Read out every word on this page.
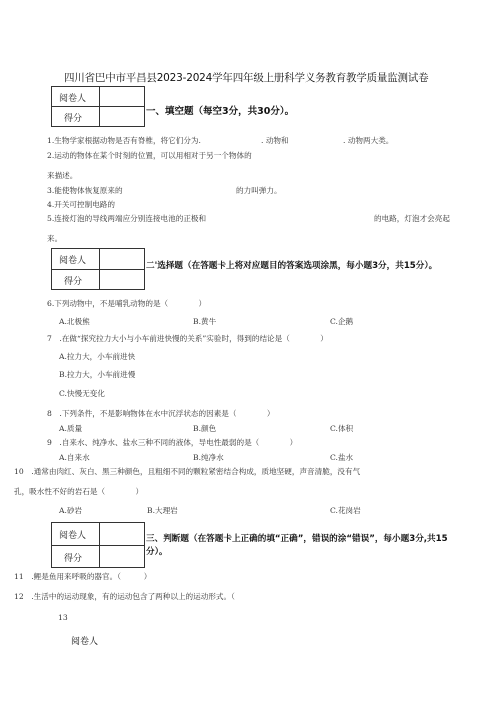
四川省巴中市平昌县2023-2024学年四年级上册科学义务教育教学质量监测试卷
阅卷人
得分
一、填空题（每空3分，共30分）。
1.生物学家根据动物是否有脊椎，将它们分为.	. 动物和	. 动物两大类。
2.运动的物体在某个时刻的位置，可以用相对于另一个物体的
来描述。
3.能使物体恢复原来的	的力叫弹力。
4.开关可控制电路的
5.连接灯泡的导线两端应分别连接电池的正极和	的电路，灯泡才会亮起
来。
阅卷人
得分
二'选择题（在答题卡上将对应题目的答案选项涂黑，每小题3分，共15分）。
6.下列动物中，不是哺乳动物的是（　　　　）
A.北极熊	B.黄牛	C.企鹅
7　.在做“探究拉力大小与小车前进快慢的关系”实验时，得到的结论是（　　　　）
A.拉力大，小车前进快
B.拉力大，小车前进慢
C.快慢无变化
8　.下列条件，不是影响物体在水中沉浮状态的因素是（　　　　）
A.质量	B.颜色	C.体积
9　.自来水、纯净水、盐水三种不同的液体，导电性最弱的是（　　　　）
A.自来水	B.纯净水	C.盐水
10　.通常由肉红、灰白、黑三种颜色，且粗细不同的颗粒紧密结合构成，质地坚硬，声音清脆，没有气
孔，吸水性不好的岩石是（　　　　）
A.砂岩	B.大理岩	C.花岗岩
阅卷人
得分
三、判断题（在答题卡上正确的填“正确”，错误的涂“错误”，每小题3分,共15
分）。
11　.鲤是鱼用来呼吸的器官。（　　　）
12　.生活中的运动现象，有的运动包含了两种以上的运动形式。（
13
阅卷人
